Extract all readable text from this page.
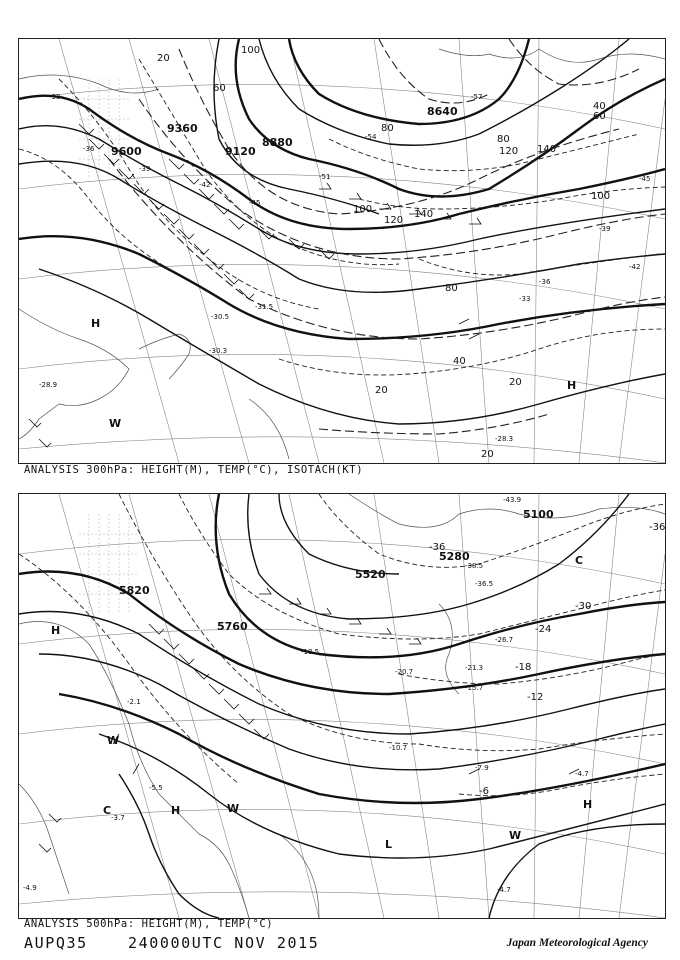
9360
9600	9120
8880
8640
100
60
80
100
120 140
100
140
120
80
60
40
20
80
40
20
20
20
-33
-36
-39
-42
-45
-51
-54
-57
-45
-42
-39
-36
-33
-30.3
-30.5
-31.5
-28.3
-28.9
H
W
H
ANALYSIS 300hPa: HEIGHT(M), TEMP(°C), ISOTACH(KT)
5820
5760
5520
5100
5280
-36
-30
-24
-18
-12
-6
-36
-4.9
-3.7
-7.9
-4.7
-4.7
-5.5
-2.1
-10.7
-15.7
-21.3
-26.7
-36.5
-38.5
-43.9
-20.7
-18.5
H
C	H
L
C
H
W
W
W
ANALYSIS 500hPa: HEIGHT(M), TEMP(°C)
AUPQ35	240000UTC NOV 2015	Japan Meteorological Agency
